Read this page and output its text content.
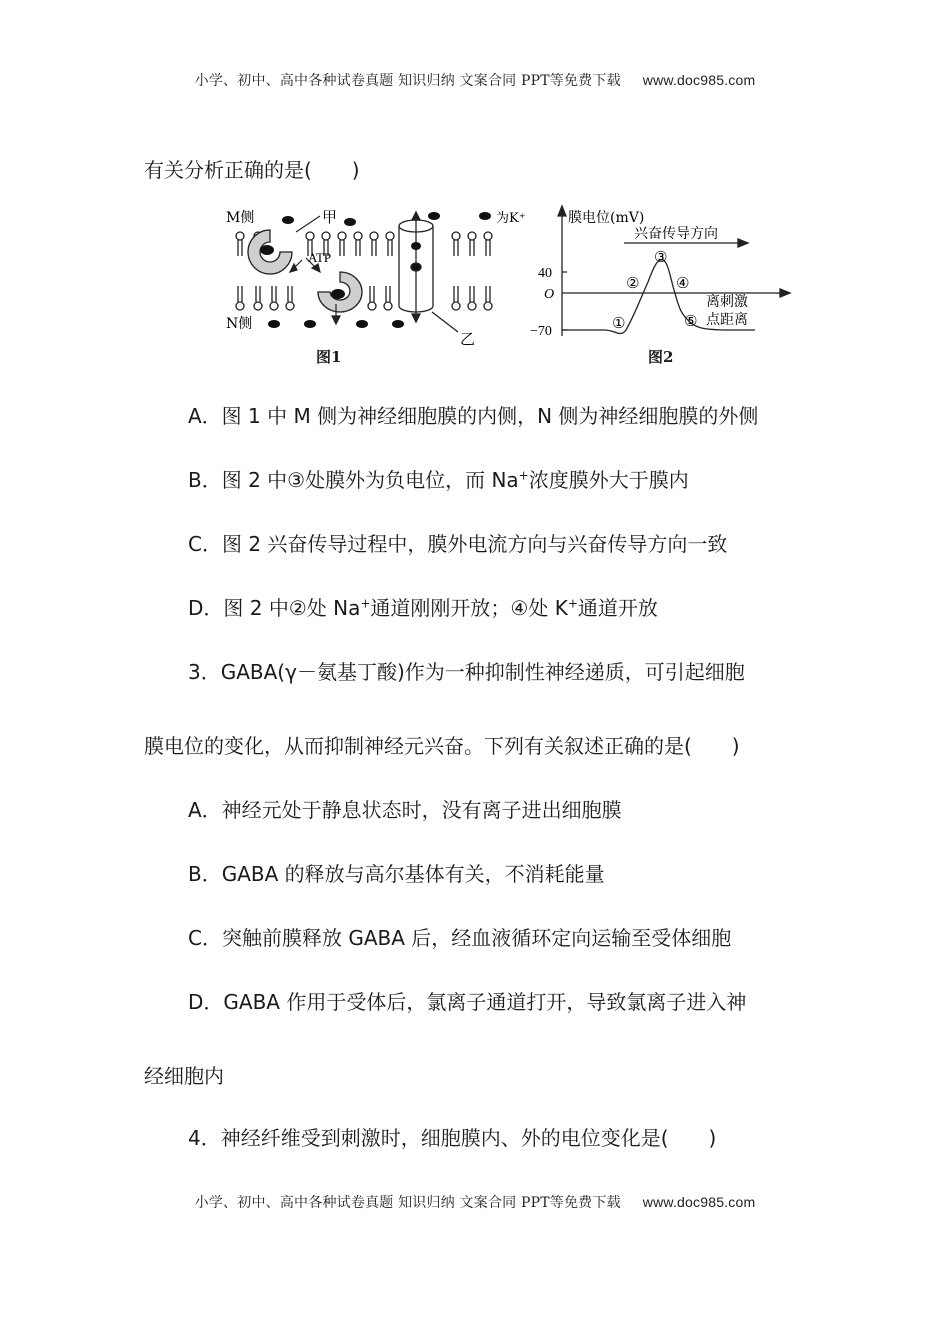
小学、初中、高中各种试卷真题 知识归纳 文案合同 PPT等免费下载 www.doc985.com
有关分析正确的是(　　)
M侧
N侧
甲
ATP
乙
为K⁺
图1
膜电位(mV)
兴奋传导方向
40
O
−70
离刺激
点距离
①
②
③
④
⑤
图2
A．图 1 中 M 侧为神经细胞膜的内侧，N 侧为神经细胞膜的外侧
B．图 2 中③处膜外为负电位，而 Na+浓度膜外大于膜内
C．图 2 兴奋传导过程中，膜外电流方向与兴奋传导方向一致
D．图 2 中②处 Na+通道刚刚开放；④处 K+通道开放
3．GABA(γ－氨基丁酸)作为一种抑制性神经递质，可引起细胞
膜电位的变化，从而抑制神经元兴奋。下列有关叙述正确的是(　　)
A．神经元处于静息状态时，没有离子进出细胞膜
B．GABA 的释放与高尔基体有关，不消耗能量
C．突触前膜释放 GABA 后，经血液循环定向运输至受体细胞
D．GABA 作用于受体后，氯离子通道打开，导致氯离子进入神
经细胞内
4．神经纤维受到刺激时，细胞膜内、外的电位变化是(　　)
小学、初中、高中各种试卷真题 知识归纳 文案合同 PPT等免费下载 www.doc985.com
